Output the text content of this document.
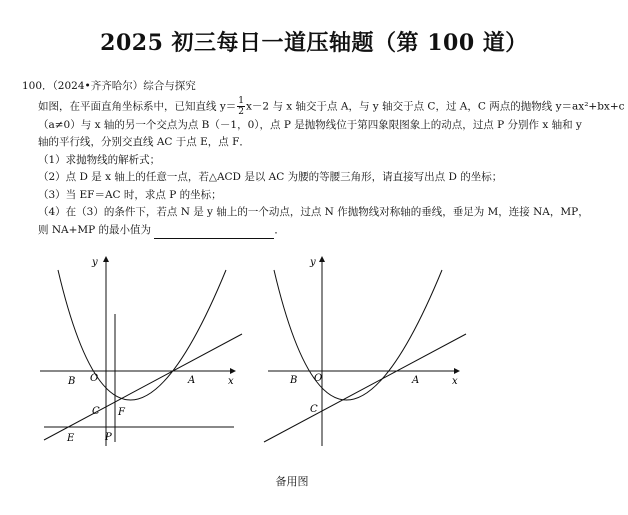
2025 初三每日一道压轴题（第 100 道）
100．（2024•齐齐哈尔）综合与探究
如图，在平面直角坐标系中，已知直线 $y= \frac{1}{2} x-2$ 与 x 轴交于点 A，与 y 轴交于点 C，过 A，C 两点的抛物线 y＝ax²+bx+c
（a≠0）与 x 轴的另一个交点为点 B（－1，0），点 P 是抛物线位于第四象限图象上的动点，过点 P 分别作 x 轴和 y
轴的平行线，分别交直线 AC 于点 E，点 F．
（1）求抛物线的解析式；
（2）点 D 是 x 轴上的任意一点，若△ACD 是以 AC 为腰的等腰三角形，请直接写出点 D 的坐标；
（3）当 EF＝AC 时，求点 P 的坐标；
（4）在（3）的条件下，若点 N 是 y 轴上的一个动点，过点 N 作抛物线对称轴的垂线，垂足为 M，连接 NA，MP，
则 NA+MP 的最小值为	．
y
x
O
B	A
C F
E	P
y
x
O
B	A
C
备用图
